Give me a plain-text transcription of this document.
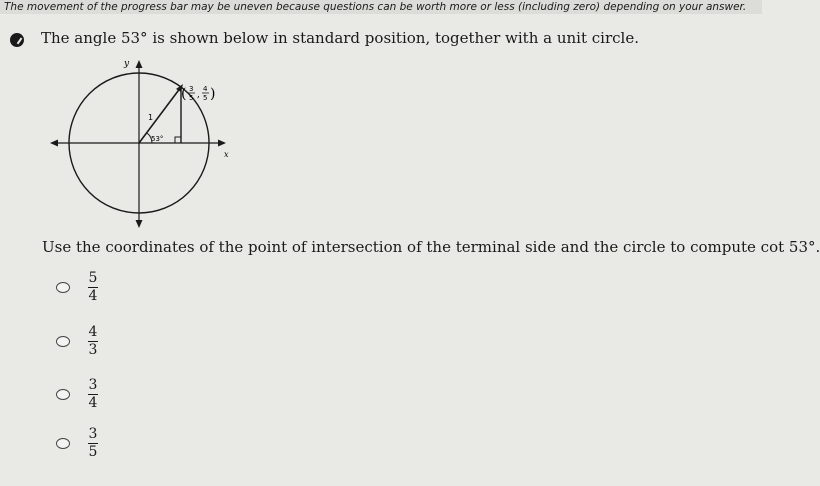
The movement of the progress bar may be uneven because questions can be worth more or less (including zero) depending on your answer.
The angle 53° is shown below in standard position, together with a unit circle.
y
x
1
53°
( 3
5 ,
4
5 )
Use the coordinates of the point of intersection of the terminal side and the circle to compute cot 53°.
$\frac{5}{4}$
$\frac{4}{3}$
$\frac{3}{4}$
$\frac{3}{5}$
